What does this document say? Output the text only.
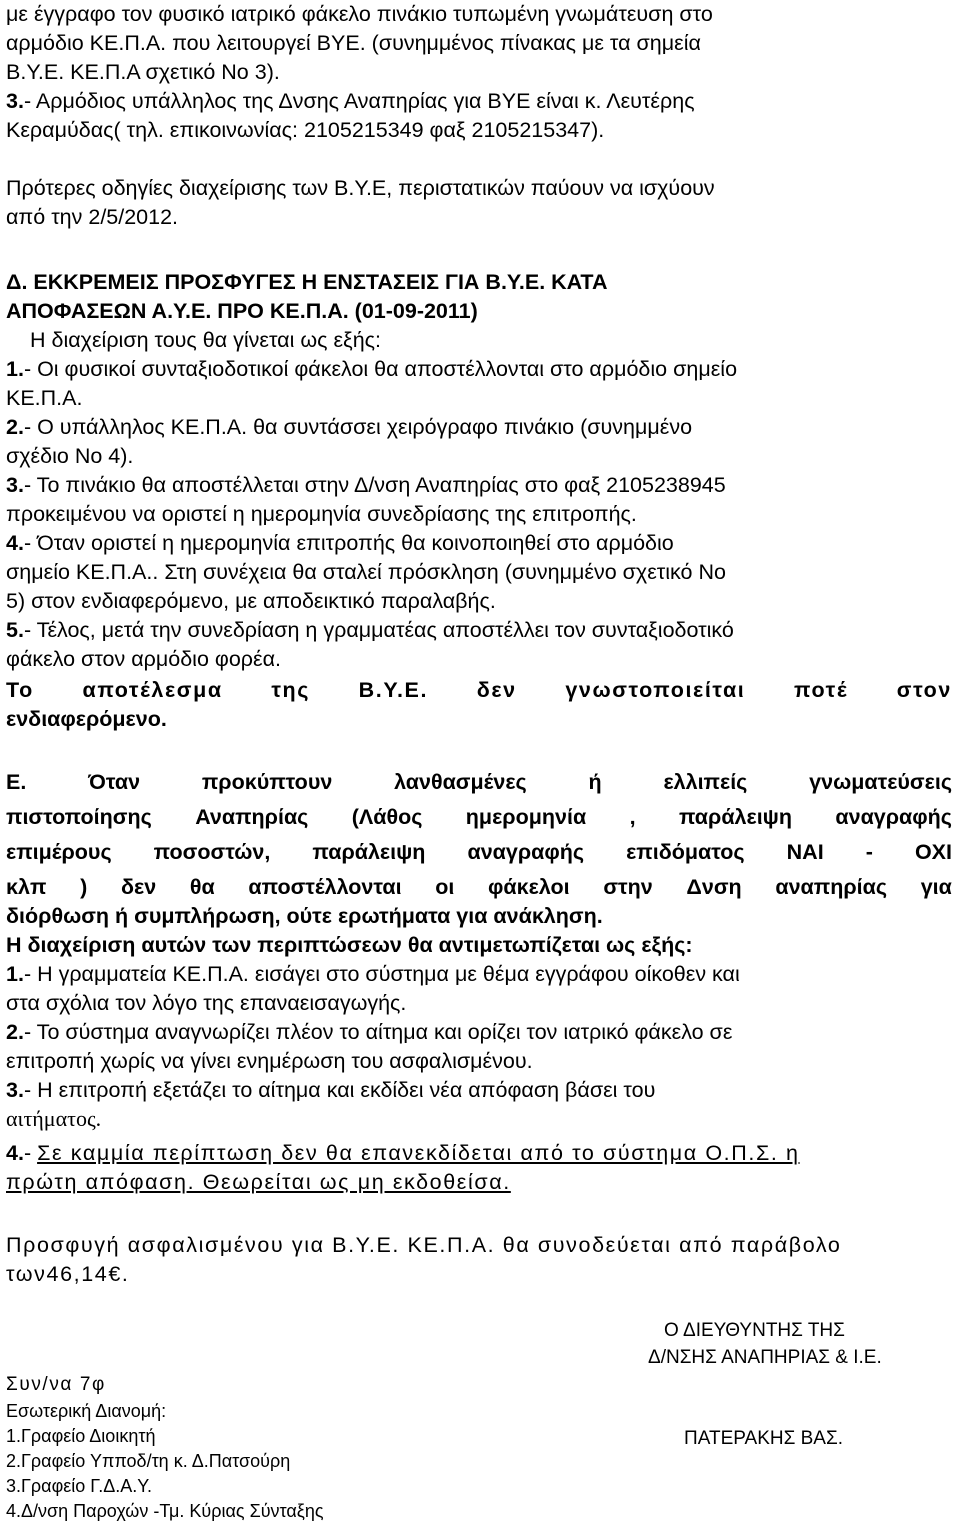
με έγγραφο τον φυσικό ιατρικό φάκελο πινάκιο τυπωμένη γνωμάτευση στο
αρμόδιο ΚΕ.Π.Α. που λειτουργεί ΒΥΕ. (συνημμένος πίνακας με τα σημεία
Β.Υ.Ε. ΚΕ.Π.Α σχετικό Νο 3).
3.- Αρμόδιος υπάλληλος της Δνσης Αναπηρίας για ΒΥΕ είναι κ. Λευτέρης
Κεραμύδας( τηλ. επικοινωνίας: 2105215349 φαξ 2105215347).
Πρότερες οδηγίες διαχείρισης των Β.Υ.Ε, περιστατικών παύουν να ισχύουν
από την 2/5/2012.
Δ. ΕΚΚΡΕΜΕΙΣ ΠΡΟΣΦΥΓΕΣ Η ΕΝΣΤΑΣΕΙΣ ΓΙΑ Β.Υ.Ε. ΚΑΤΑ
ΑΠΟΦΑΣΕΩΝ Α.Υ.Ε. ΠΡΟ ΚΕ.Π.Α. (01-09-2011)
Η διαχείριση τους θα γίνεται ως εξής:
1.- Οι φυσικοί συνταξιοδοτικοί φάκελοι θα αποστέλλονται στο αρμόδιο σημείο
ΚΕ.Π.Α.
2.- Ο υπάλληλος ΚΕ.Π.Α. θα συντάσσει χειρόγραφο πινάκιο (συνημμένο
σχέδιο Νο 4).
3.- Το πινάκιο θα αποστέλλεται στην Δ/νση Αναπηρίας στο φαξ 2105238945
προκειμένου να οριστεί η ημερομηνία συνεδρίασης της επιτροπής.
4.- Όταν οριστεί η ημερομηνία επιτροπής θα κοινοποιηθεί στο αρμόδιο
σημείο ΚΕ.Π.Α.. Στη συνέχεια θα σταλεί πρόσκληση (συνημμένο σχετικό Νο
5) στον ενδιαφερόμενο, με αποδεικτικό παραλαβής.
5.- Τέλος, μετά την συνεδρίαση η γραμματέας αποστέλλει τον συνταξιοδοτικό
φάκελο στον αρμόδιο φορέα.
Το αποτέλεσμα της Β.Υ.Ε. δεν γνωστοποιείται ποτέ στον
ενδιαφερόμενο.
Ε.	Όταν	προκύπτουν	λανθασμένες	ή	ελλιπείς	γνωματεύσεις
πιστοποίησης Αναπηρίας (Λάθος ημερομηνία , παράλειψη αναγραφής
επιμέρους ποσοστών, παράλειψη αναγραφής επιδόματος ΝΑΙ - ΟΧΙ
κλπ ) δεν θα αποστέλλονται οι φάκελοι στην Δνση αναπηρίας για
διόρθωση ή συμπλήρωση, ούτε ερωτήματα για ανάκληση.
Η διαχείριση αυτών των περιπτώσεων θα αντιμετωπίζεται ως εξής:
1.- Η γραμματεία ΚΕ.Π.Α. εισάγει στο σύστημα με θέμα εγγράφου οίκοθεν και
στα σχόλια τον λόγο της επαναεισαγωγής.
2.- Το σύστημα αναγνωρίζει πλέον το αίτημα και ορίζει τον ιατρικό φάκελο σε
επιτροπή χωρίς να γίνει ενημέρωση του ασφαλισμένου.
3.- Η επιτροπή εξετάζει το αίτημα και εκδίδει νέα απόφαση βάσει του
αιτήματος.
4.- Σε καμμία περίπτωση δεν θα επανεκδίδεται από το σύστημα Ο.Π.Σ. η
πρώτη απόφαση. Θεωρείται ως μη εκδοθείσα.
Προσφυγή ασφαλισμένου για Β.Υ.Ε. ΚΕ.Π.Α. θα συνοδεύεται από παράβολο
των46,14€.
Ο ΔΙΕΥΘΥΝΤΗΣ ΤΗΣ
Δ/ΝΣΗΣ ΑΝΑΠΗΡΙΑΣ & Ι.Ε.
ΠΑΤΕΡΑΚΗΣ ΒΑΣ.
Συν/να 7φ
Εσωτερική Διανομή:
1.Γραφείο Διοικητή
2.Γραφείο Υπποδ/τη κ. Δ.Πατσούρη
3.Γραφείο Γ.Δ.Α.Υ.
4.Δ/νση Παροχών -Τμ. Κύριας Σύνταξης
